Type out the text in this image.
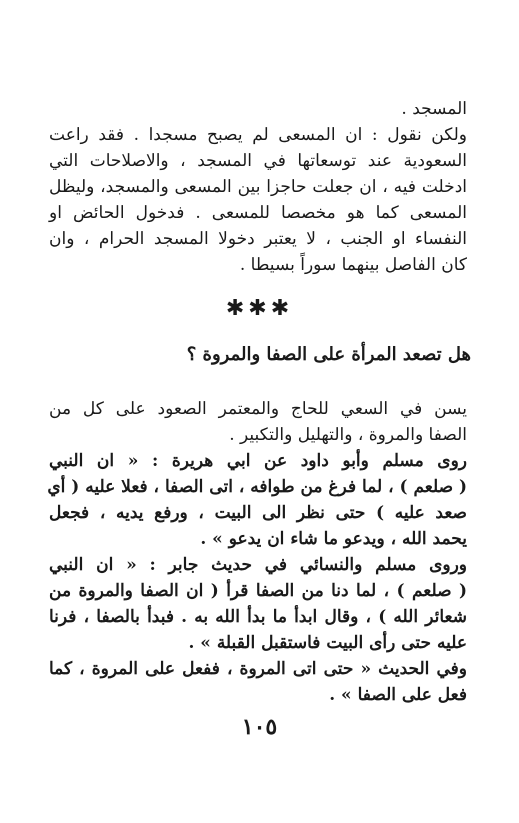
المسجد .
ولكن نقول : ان المسعى لم يصبح مسجدا . فقد راعت
السعودية عند توسعاتها في المسجد ، والاصلاحات التي
ادخلت فيه ، ان جعلت حاجزا بين المسعى والمسجد، وليظل
المسعى كما هو مخصصا للمسعى . فدخول الحائض او
النفساء او الجنب ، لا يعتبر دخولا المسجد الحرام ، وان
كان الفاصل بينهما سوراً بسيطا .
✱✱✱
هل تصعد المرأة على الصفا والمروة ؟
يسن في السعي للحاج والمعتمر الصعود على كل من
الصفا والمروة ، والتهليل والتكبير .
روى مسلم وأبو داود عن ابي هريرة : « ان النبي
( صلعم ) ، لما فرغ من طوافه ، اتى الصفا ، فعلا عليه ( أي
صعد عليه ) حتى نظر الى البيت ، ورفع يديه ، فجعل
يحمد الله ، ويدعو ما شاء ان يدعو » .
وروى مسلم والنسائي في حديث جابر : « ان النبي
( صلعم ) ، لما دنا من الصفا قرأ ( ان الصفا والمروة من
شعائر الله ) ، وقال ابدأ ما بدأ الله به . فبدأ بالصفا ، فرنا
عليه حتى رأى البيت فاستقبل القبلة » .
وفي الحديث « حتى اتى المروة ، ففعل على المروة ، كما
فعل على الصفا » .
١٠٥
